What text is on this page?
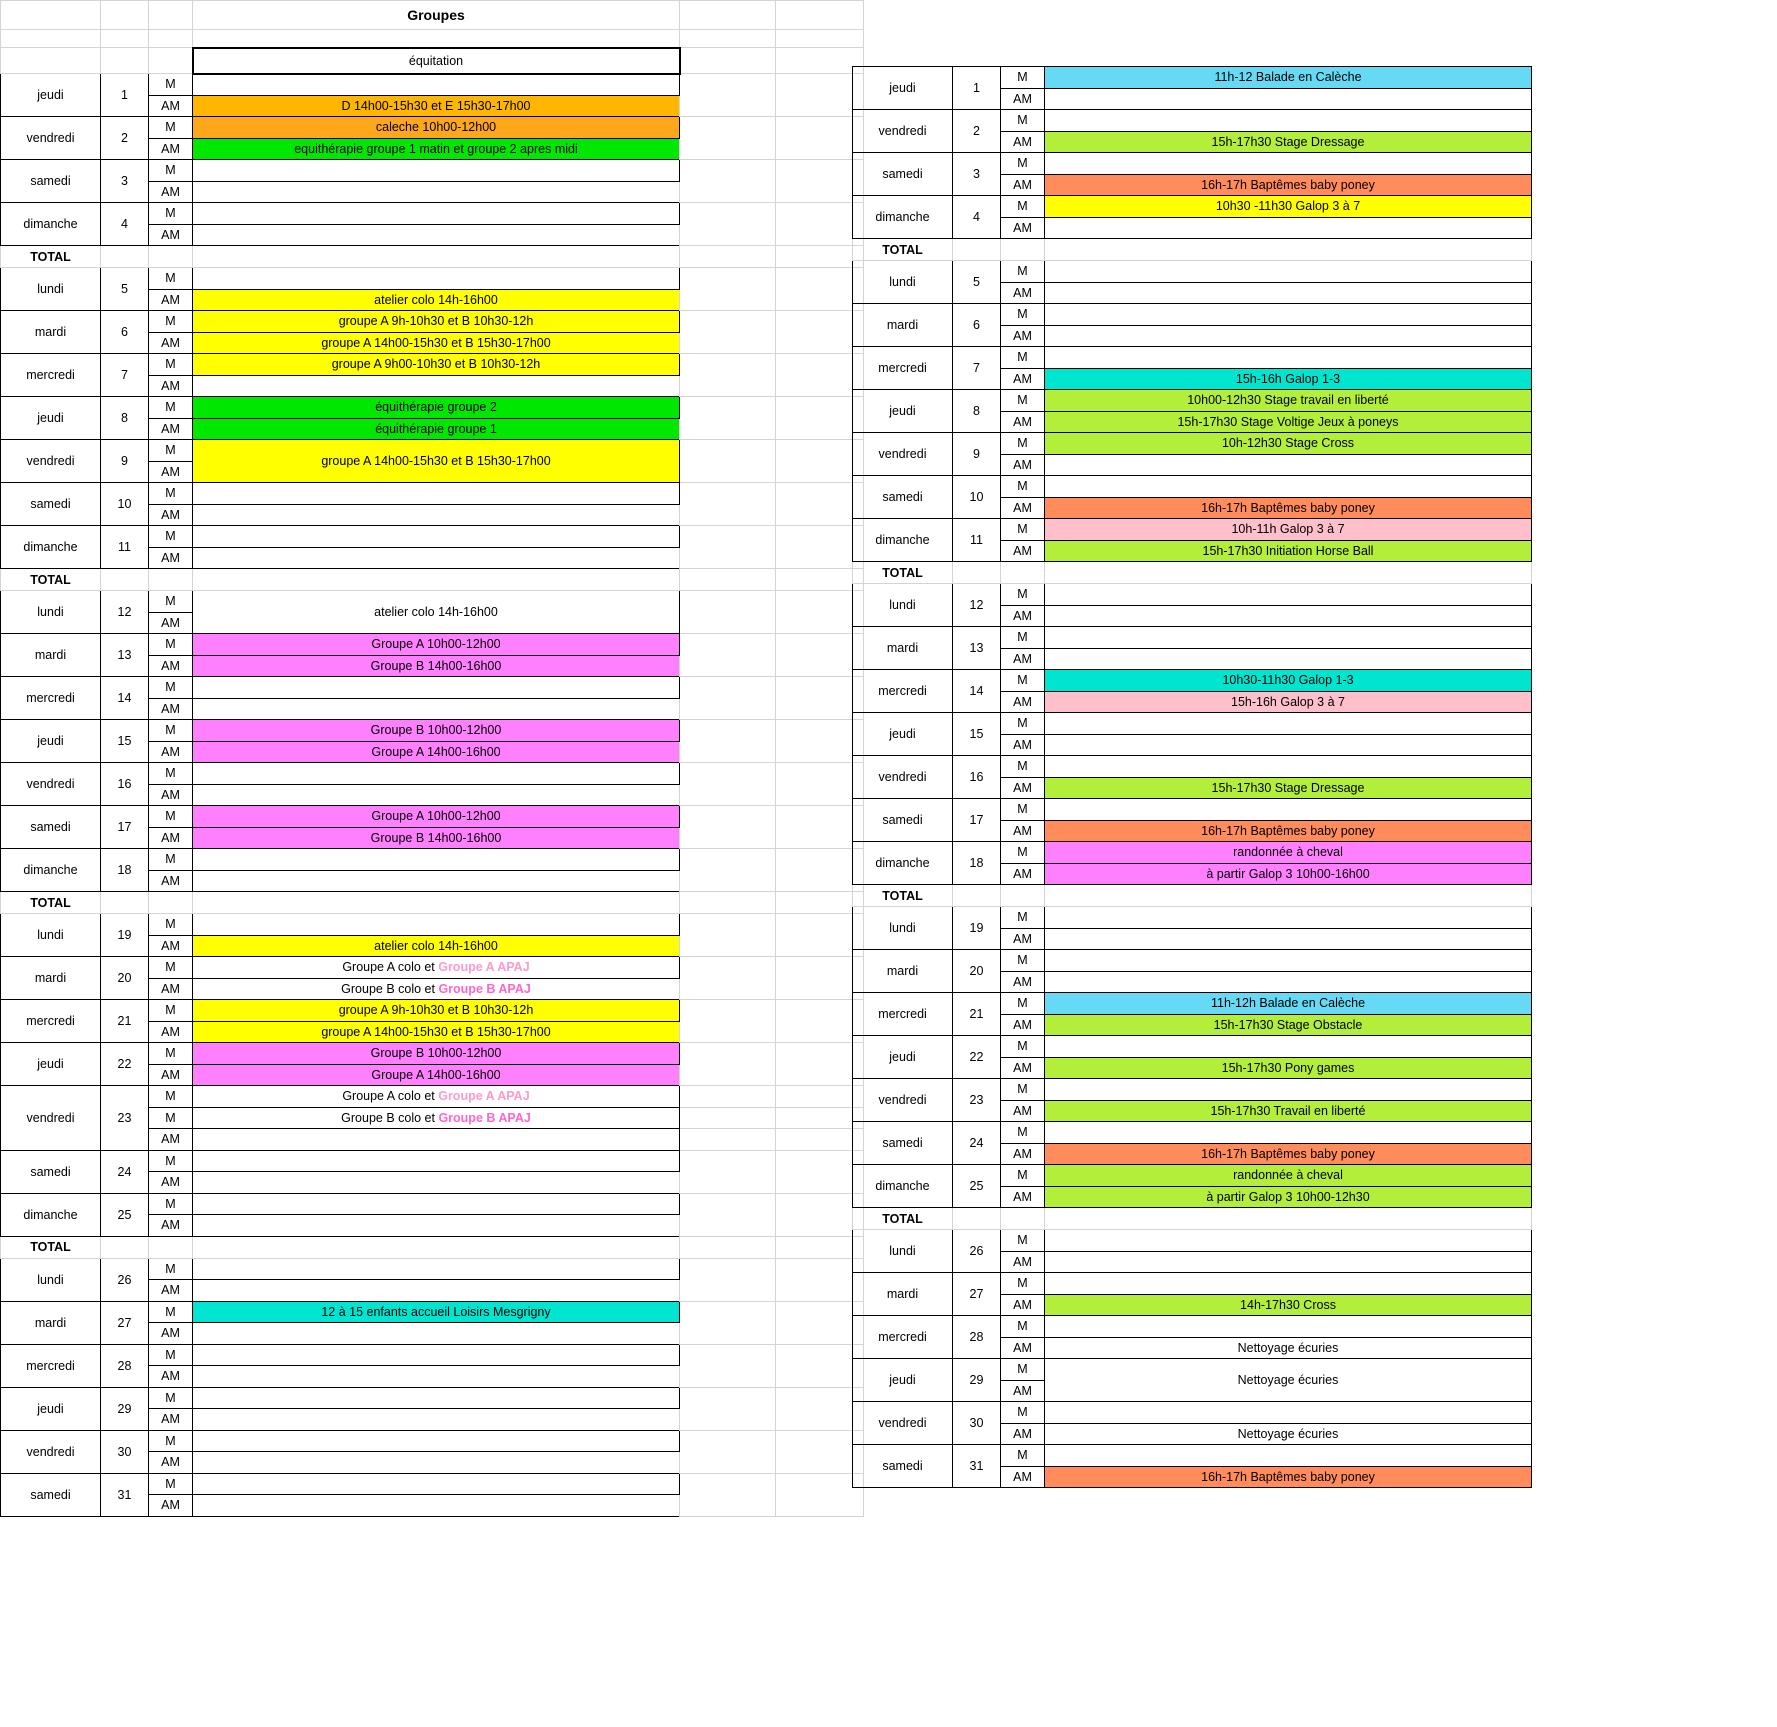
			Groupes		

			équitation		
jeudi	1	M			
		AM	D 14h00-15h30 et E 15h30-17h00		
vendredi	2	M	caleche 10h00-12h00		
		AM	equithérapie groupe 1 matin et groupe 2 apres midi		
samedi	3	M			
		AM			
dimanche	4	M			
		AM			
TOTAL					
lundi	5	M			
		AM	atelier colo 14h-16h00		
mardi	6	M	groupe A 9h-10h30 et B 10h30-12h		
		AM	groupe A 14h00-15h30 et B 15h30-17h00		
mercredi	7	M	groupe A 9h00-10h30 et B 10h30-12h		
		AM			
jeudi	8	M	équithérapie groupe 2		
		AM	équithérapie groupe 1		
vendredi	9	M	groupe A 14h00-15h30 et B 15h30-17h00		
		AM			
samedi	10	M			
		AM			
dimanche	11	M			
		AM			
TOTAL					
lundi	12	M	atelier colo 14h-16h00		
		AM			
mardi	13	M	Groupe A 10h00-12h00		
		AM	Groupe B 14h00-16h00		
mercredi	14	M			
		AM			
jeudi	15	M	Groupe B 10h00-12h00		
		AM	Groupe A 14h00-16h00		
vendredi	16	M			
		AM			
samedi	17	M	Groupe A 10h00-12h00		
		AM	Groupe B 14h00-16h00		
dimanche	18	M			
		AM			
TOTAL					
lundi	19	M			
		AM	atelier colo 14h-16h00		
mardi	20	M	Groupe A colo et Groupe A APAJ		
		AM	Groupe B colo et Groupe B APAJ		
mercredi	21	M	groupe A 9h-10h30 et B 10h30-12h		
		AM	groupe A 14h00-15h30 et B 15h30-17h00		
jeudi	22	M	Groupe B 10h00-12h00		
		AM	Groupe A 14h00-16h00		
vendredi	23	M	Groupe A colo et Groupe A APAJ		
		M	Groupe B colo et Groupe B APAJ		
		AM			
samedi	24	M			
		AM			
dimanche	25	M			
		AM			
TOTAL					
lundi	26	M			
		AM			
mardi	27	M	12 à 15 enfants accueil Loisirs Mesgrigny		
		AM			
mercredi	28	M			
		AM			
jeudi	29	M			
		AM			
vendredi	30	M			
		AM			
samedi	31	M			
		AM			
jeudi	1	M	11h-12 Balade en Calèche
		AM	
vendredi	2	M	
		AM	15h-17h30 Stage Dressage
samedi	3	M	
		AM	16h-17h Baptêmes baby poney
dimanche	4	M	10h30 -11h30 Galop 3 à 7
		AM	
TOTAL			
lundi	5	M	
		AM	
mardi	6	M	
		AM	
mercredi	7	M	
		AM	15h-16h Galop 1-3
jeudi	8	M	10h00-12h30 Stage travail en liberté
		AM	15h-17h30 Stage Voltige Jeux à poneys
vendredi	9	M	10h-12h30 Stage Cross
		AM	
samedi	10	M	
		AM	16h-17h Baptêmes baby poney
dimanche	11	M	10h-11h Galop 3 à 7
		AM	15h-17h30 Initiation Horse Ball
TOTAL			
lundi	12	M	
		AM	
mardi	13	M	
		AM	
mercredi	14	M	10h30-11h30 Galop 1-3
		AM	15h-16h Galop 3 à 7
jeudi	15	M	
		AM	
vendredi	16	M	
		AM	15h-17h30 Stage Dressage
samedi	17	M	
		AM	16h-17h Baptêmes baby poney
dimanche	18	M	randonnée à cheval
		AM	à partir Galop 3 10h00-16h00
TOTAL			
lundi	19	M	
		AM	
mardi	20	M	
		AM	
mercredi	21	M	11h-12h Balade en Calèche
		AM	15h-17h30 Stage Obstacle
jeudi	22	M	
		AM	15h-17h30 Pony games
vendredi	23	M	
		AM	15h-17h30 Travail en liberté
samedi	24	M	
		AM	16h-17h Baptêmes baby poney
dimanche	25	M	randonnée à cheval
		AM	à partir Galop 3 10h00-12h30
TOTAL			
lundi	26	M	
		AM	
mardi	27	M	
		AM	14h-17h30 Cross
mercredi	28	M	
		AM	Nettoyage écuries
jeudi	29	M	Nettoyage écuries
		AM	
vendredi	30	M	
		AM	Nettoyage écuries
samedi	31	M	
		AM	16h-17h Baptêmes baby poney
